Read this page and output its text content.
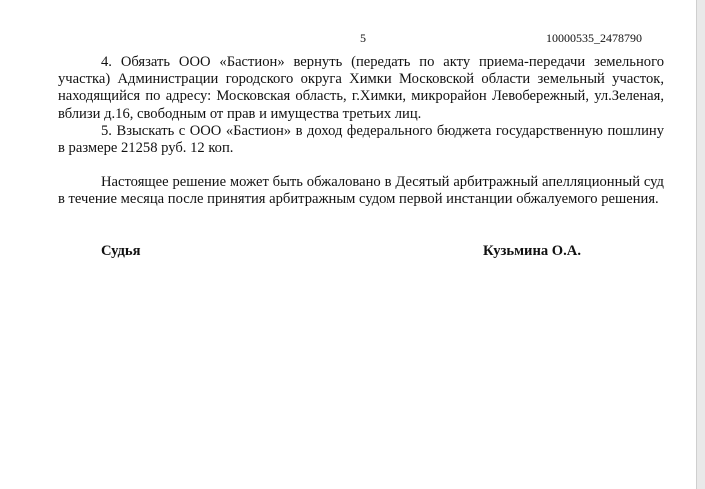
5	10000535_2478790

4. Обязать ООО «Бастион» вернуть (передать по акту приема-передачи земельного участка) Администрации городского округа Химки Московской области земельный участок, находящийся по адресу: Московская область, г.Химки, микрорайон Левобережный, ул.Зеленая, вблизи д.16, свободным от прав и имущества третьих лиц.

5. Взыскать с ООО «Бастион» в доход федерального бюджета государственную пошлину в размере 21258 руб. 12 коп.

Настоящее решение может быть обжаловано в Десятый арбитражный апелляционный суд в течение месяца после принятия арбитражным судом первой инстанции обжалуемого решения.

Судья	Кузьмина О.А.
